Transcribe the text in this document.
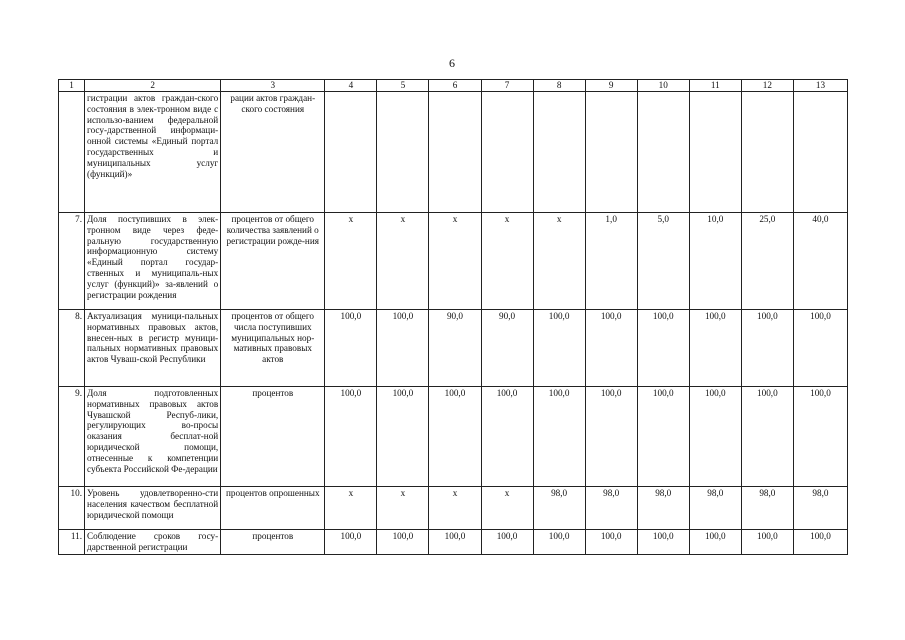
6
1	2	3	4	5	6	7	8	9	10	11	12	13
	гистрации актов граждан-ского состояния в элек-тронном виде с использо-ванием федеральной госу-дарственной информаци-онной системы «Единый портал государственных и муниципальных услуг (функций)»	рации актов граждан-ского состояния										
7.	Доля поступивших в элек-тронном виде через феде-ральную государственную информационную систему «Единый портал государ-ственных и муниципаль-ных услуг (функций)» за-явлений о регистрации рождения	процентов от общего количества заявлений о регистрации рожде-ния	х	х	х	х	х	1,0	5,0	10,0	25,0	40,0
8.	Актуализация муници-пальных нормативных правовых актов, внесен-ных в регистр муници-пальных нормативных правовых актов Чуваш-ской Республики	процентов от общего числа поступивших муниципальных нор-мативных правовых актов	100,0	100,0	90,0	90,0	100,0	100,0	100,0	100,0	100,0	100,0
9.	Доля подготовленных нормативных правовых актов Чувашской Респуб-лики, регулирующих во-просы оказания бесплат-ной юридической помощи, отнесенные к компетенции субъекта Российской Фе-дерации	процентов	100,0	100,0	100,0	100,0	100,0	100,0	100,0	100,0	100,0	100,0
10.	Уровень удовлетворенно-сти населения качеством бесплатной юридической помощи	процентов опрошенных	х	х	х	х	98,0	98,0	98,0	98,0	98,0	98,0
11.	Соблюдение сроков госу-дарственной регистрации	процентов	100,0	100,0	100,0	100,0	100,0	100,0	100,0	100,0	100,0	100,0
